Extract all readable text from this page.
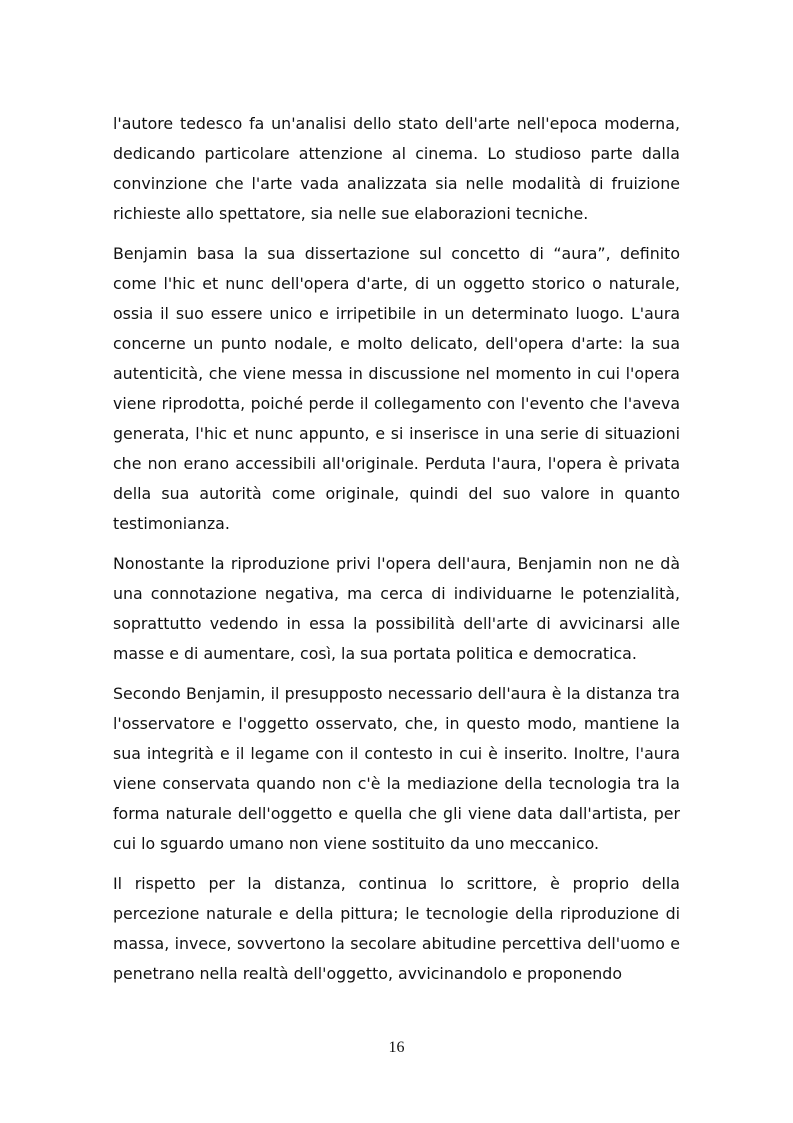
l'autore tedesco fa un'analisi dello stato dell'arte nell'epoca moderna, dedicando particolare attenzione al cinema. Lo studioso parte dalla convinzione che l'arte vada analizzata sia nelle modalità di fruizione richieste allo spettatore, sia nelle sue elaborazioni tecniche.

Benjamin basa la sua dissertazione sul concetto di “aura”, definito come l'hic et nunc dell'opera d'arte, di un oggetto storico o naturale, ossia il suo essere unico e irripetibile in un determinato luogo. L'aura concerne un punto nodale, e molto delicato, dell'opera d'arte: la sua autenticità, che viene messa in discussione nel momento in cui l'opera viene riprodotta, poiché perde il collegamento con l'evento che l'aveva generata, l'hic et nunc appunto, e si inserisce in una serie di situazioni che non erano accessibili all'originale. Perduta l'aura, l'opera è privata della sua autorità come originale, quindi del suo valore in quanto testimonianza.

Nonostante la riproduzione privi l'opera dell'aura, Benjamin non ne dà una connotazione negativa, ma cerca di individuarne le potenzialità, soprattutto vedendo in essa la possibilità dell'arte di avvicinarsi alle masse e di aumentare, così, la sua portata politica e democratica.

Secondo Benjamin, il presupposto necessario dell'aura è la distanza tra l'osservatore e l'oggetto osservato, che, in questo modo, mantiene la sua integrità e il legame con il contesto in cui è inserito. Inoltre, l'aura viene conservata quando non c'è la mediazione della tecnologia tra la forma naturale dell'oggetto e quella che gli viene data dall'artista, per cui lo sguardo umano non viene sostituito da uno meccanico.

Il rispetto per la distanza, continua lo scrittore, è proprio della percezione naturale e della pittura; le tecnologie della riproduzione di massa, invece, sovvertono la secolare abitudine percettiva dell'uomo e penetrano nella realtà dell'oggetto, avvicinandolo e proponendo

16
